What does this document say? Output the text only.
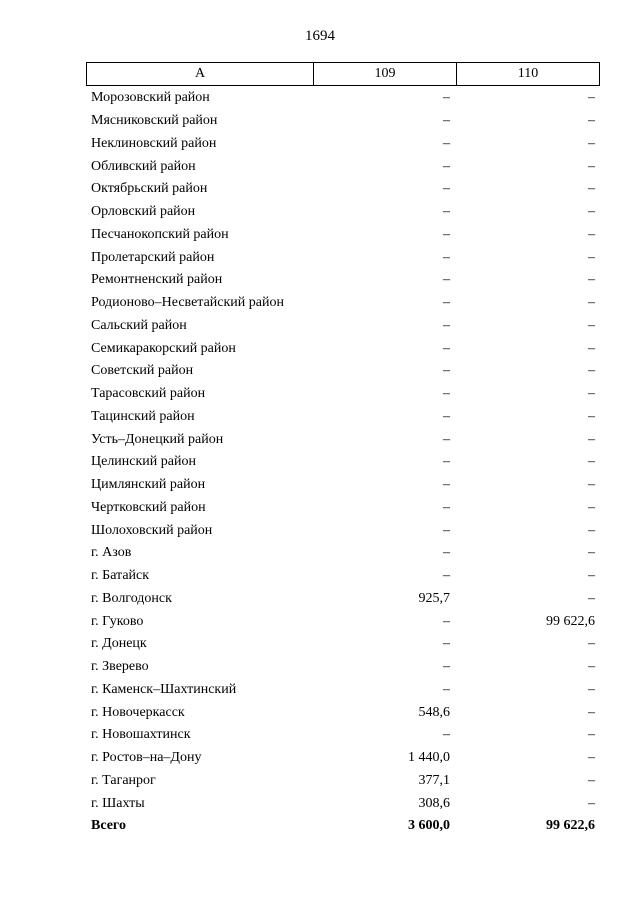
1694
А	109	110
Морозовский район	–	–
Мясниковский район	–	–
Неклиновский район	–	–
Обливский район	–	–
Октябрьский район	–	–
Орловский район	–	–
Песчанокопский район	–	–
Пролетарский район	–	–
Ремонтненский район	–	–
Родионово–Несветайский район	–	–
Сальский район	–	–
Семикаракорский район	–	–
Советский район	–	–
Тарасовский район	–	–
Тацинский район	–	–
Усть–Донецкий район	–	–
Целинский район	–	–
Цимлянский район	–	–
Чертковский район	–	–
Шолоховский район	–	–
г. Азов	–	–
г. Батайск	–	–
г. Волгодонск	925,7	–
г. Гуково	–	99 622,6
г. Донецк	–	–
г. Зверево	–	–
г. Каменск–Шахтинский	–	–
г. Новочеркасск	548,6	–
г. Новошахтинск	–	–
г. Ростов–на–Дону	1 440,0	–
г. Таганрог	377,1	–
г. Шахты	308,6	–
Всего	3 600,0	99 622,6
